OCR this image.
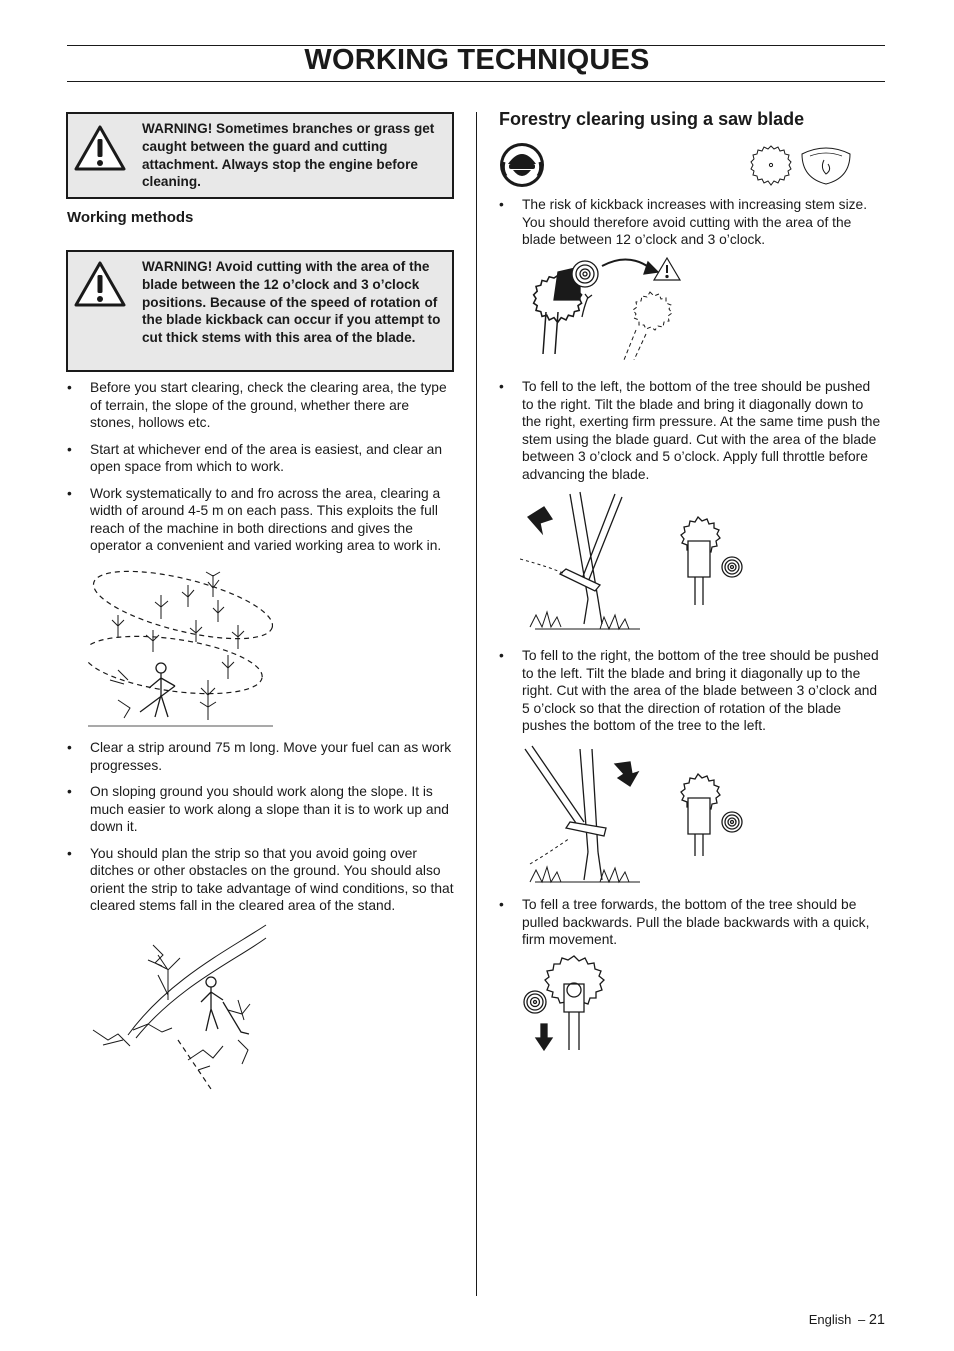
WORKING TECHNIQUES
WARNING! Sometimes branches or grass get caught between the guard and cutting attachment. Always stop the engine before cleaning.
Working methods
WARNING! Avoid cutting with the area of the blade between the 12 o’clock and 3 o’clock positions. Because of the speed of rotation of the blade kickback can occur if you attempt to cut thick stems with this area of the blade.
• Before you start clearing, check the clearing area, the type of terrain, the slope of the ground, whether there are stones, hollows etc.
• Start at whichever end of the area is easiest, and clear an open space from which to work.
• Work systematically to and fro across the area, clearing a width of around 4-5 m on each pass. This exploits the full reach of the machine in both directions and gives the operator a convenient and varied working area to work in.
• Clear a strip around 75 m long. Move your fuel can as work progresses.
• On sloping ground you should work along the slope. It is much easier to work along a slope than it is to work up and down it.
• You should plan the strip so that you avoid going over ditches or other obstacles on the ground. You should also orient the strip to take advantage of wind conditions, so that cleared stems fall in the cleared area of the stand.
Forestry clearing using a saw blade
• The risk of kickback increases with increasing stem size. You should therefore avoid cutting with the area of the blade between 12 o’clock and 3 o’clock.
• To fell to the left, the bottom of the tree should be pushed to the right. Tilt the blade and bring it diagonally down to the right, exerting firm pressure. At the same time push the stem using the blade guard. Cut with the area of the blade between 3 o’clock and 5 o’clock. Apply full throttle before advancing the blade.
• To fell to the right, the bottom of the tree should be pushed to the left. Tilt the blade and bring it diagonally up to the right. Cut with the area of the blade between 3 o’clock and 5 o’clock so that the direction of rotation of the blade pushes the bottom of the tree to the left.
• To fell a tree forwards, the bottom of the tree should be pulled backwards. Pull the blade backwards with a quick, firm movement.
English – 21
